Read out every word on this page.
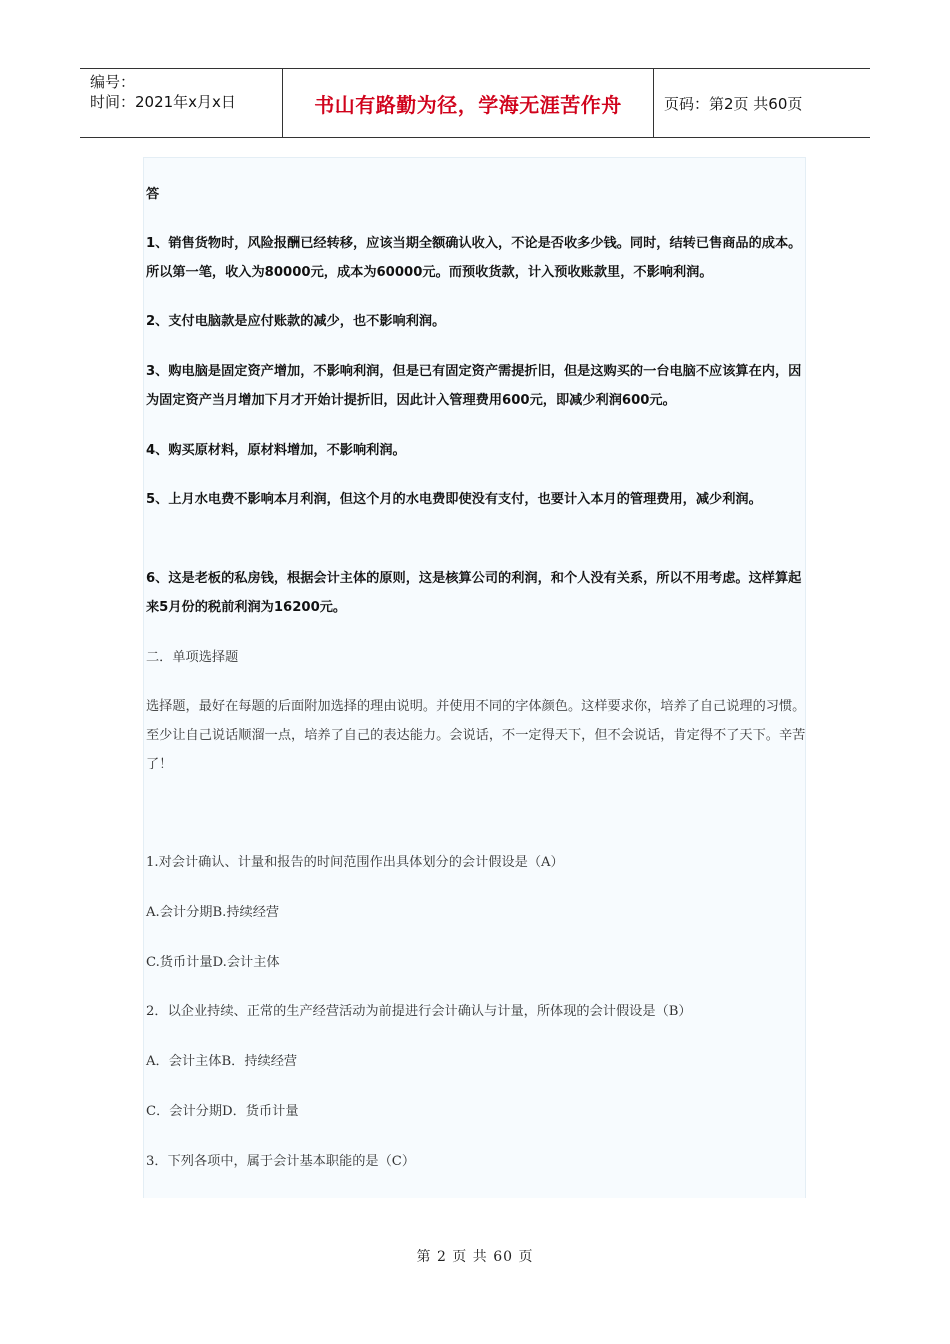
编号：
时间：2021年x月x日	书山有路勤为径，学海无涯苦作舟	页码：第2页 共60页

答

1、销售货物时，风险报酬已经转移，应该当期全额确认收入，不论是否收多少钱。同时，结转已售商品的成本。所以第一笔，收入为80000元，成本为60000元。而预收货款，计入预收账款里，不影响利润。

2、支付电脑款是应付账款的减少，也不影响利润。

3、购电脑是固定资产增加，不影响利润，但是已有固定资产需提折旧，但是这购买的一台电脑不应该算在内，因为固定资产当月增加下月才开始计提折旧，因此计入管理费用600元，即减少利润600元。

4、购买原材料，原材料增加，不影响利润。

5、上月水电费不影响本月利润，但这个月的水电费即使没有支付，也要计入本月的管理费用，减少利润。

6、这是老板的私房钱，根据会计主体的原则，这是核算公司的利润，和个人没有关系，所以不用考虑。这样算起来5月份的税前利润为16200元。

二．单项选择题

选择题，最好在每题的后面附加选择的理由说明。并使用不同的字体颜色。这样要求你，培养了自己说理的习惯。至少让自己说话顺溜一点，培养了自己的表达能力。会说话，不一定得天下，但不会说话，肯定得不了天下。辛苦了！

1.对会计确认、计量和报告的时间范围作出具体划分的会计假设是（A）

A.会计分期B.持续经营

C.货币计量D.会计主体

2．以企业持续、正常的生产经营活动为前提进行会计确认与计量，所体现的会计假设是（B）

A．会计主体B．持续经营

C．会计分期D．货币计量

3．下列各项中，属于会计基本职能的是（C）

第 2 页 共 60 页
